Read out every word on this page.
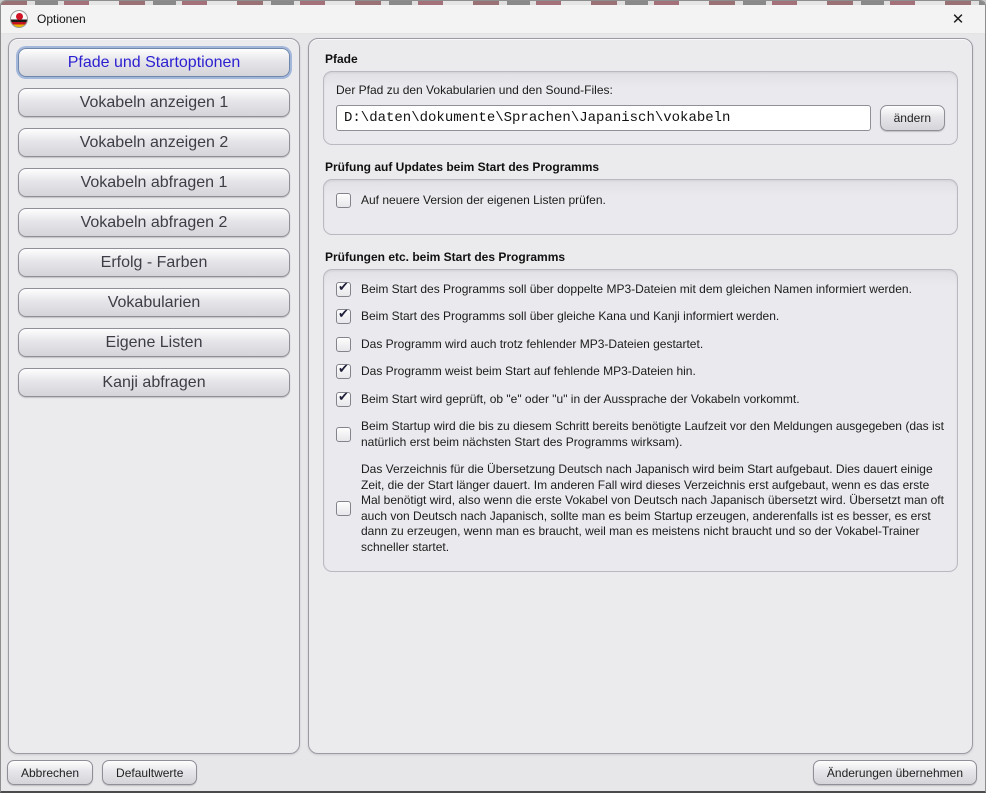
Optionen	✕
Pfade und Startoptionen
Vokabeln anzeigen 1
Vokabeln anzeigen 2
Vokabeln abfragen 1
Vokabeln abfragen 2
Erfolg - Farben
Vokabularien
Eigene Listen
Kanji abfragen
Pfade
Der Pfad zu den Vokabularien und den Sound-Files:
D:\daten\dokumente\Sprachen\Japanisch\vokabeln
ändern
Prüfung auf Updates beim Start des Programms
Auf neuere Version der eigenen Listen prüfen.
Prüfungen etc. beim Start des Programms
✔
Beim Start des Programms soll über doppelte MP3-Dateien mit dem gleichen Namen informiert werden.
✔
Beim Start des Programms soll über gleiche Kana und Kanji informiert werden.
Das Programm wird auch trotz fehlender MP3-Dateien gestartet.
✔
Das Programm weist beim Start auf fehlende MP3-Dateien hin.
✔
Beim Start wird geprüft, ob "e" oder "u" in der Aussprache der Vokabeln vorkommt.
Beim Startup wird die bis zu diesem Schritt bereits benötigte Laufzeit vor den Meldungen ausgegeben (das ist natürlich erst beim nächsten Start des Programms wirksam).
Das Verzeichnis für die Übersetzung Deutsch nach Japanisch wird beim Start aufgebaut. Dies dauert einige Zeit, die der Start länger dauert. Im anderen Fall wird dieses Verzeichnis erst aufgebaut, wenn es das erste Mal benötigt wird, also wenn die erste Vokabel von Deutsch nach Japanisch übersetzt wird. Übersetzt man oft auch von Deutsch nach Japanisch, sollte man es beim Startup erzeugen, anderenfalls ist es besser, es erst dann zu erzeugen, wenn man es braucht, weil man es meistens nicht braucht und so der Vokabel-Trainer schneller startet.
Abbrechen	Defaultwerte	Änderungen übernehmen
